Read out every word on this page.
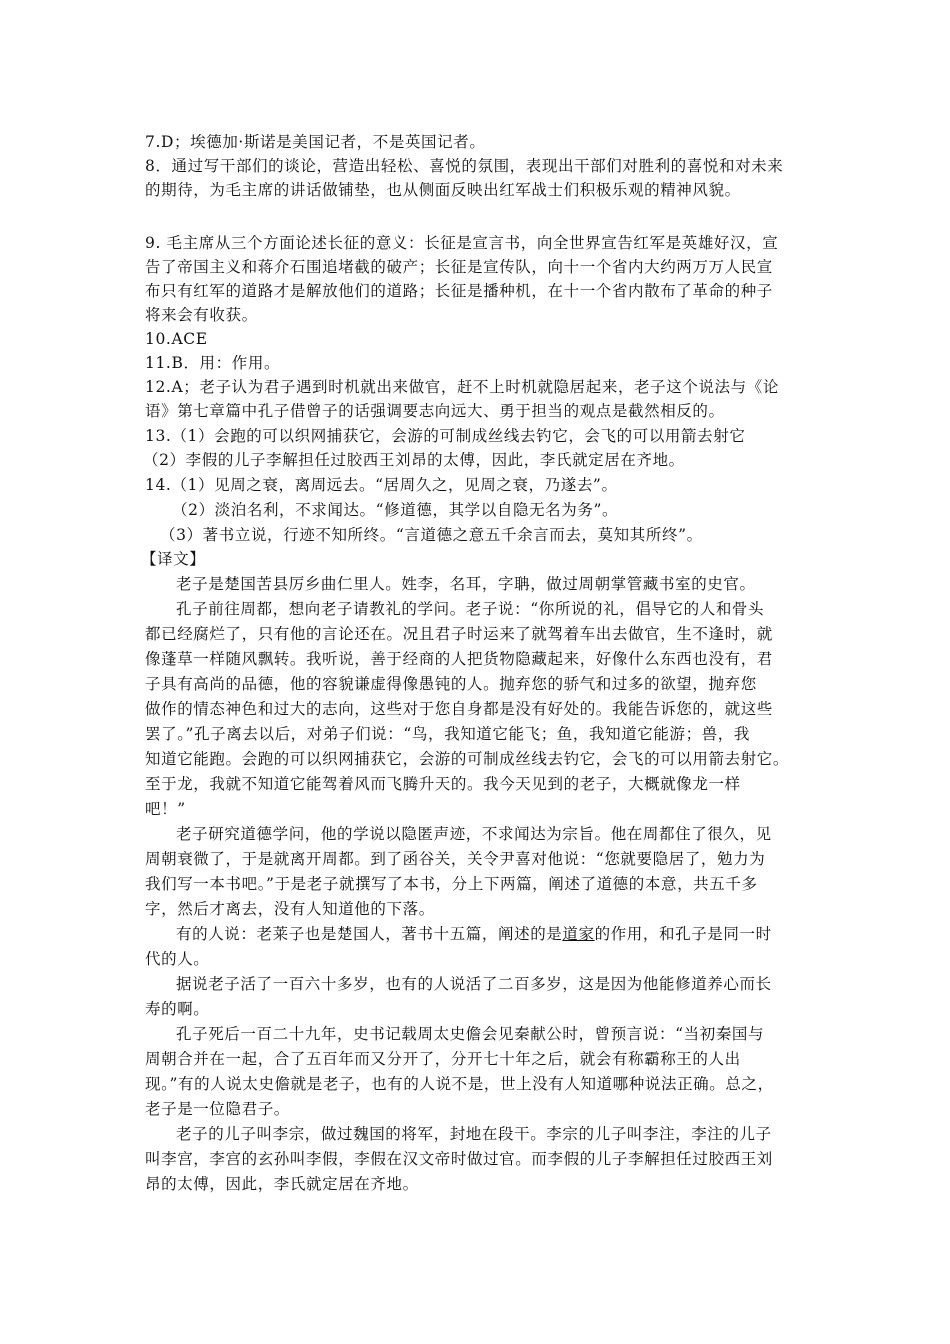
7.D；埃德加·斯诺是美国记者，不是英国记者。
8．通过写干部们的谈论，营造出轻松、喜悦的氛围，表现出干部们对胜利的喜悦和对未来
的期待，为毛主席的讲话做铺垫，也从侧面反映出红军战士们积极乐观的精神风貌。
9. 毛主席从三个方面论述长征的意义：长征是宣言书，向全世界宣告红军是英雄好汉，宣
告了帝国主义和蒋介石围追堵截的破产；长征是宣传队，向十一个省内大约两万万人民宣
布只有红军的道路才是解放他们的道路；长征是播种机，在十一个省内散布了革命的种子
将来会有收获。
10.ACE
11.B．用：作用。
12.A；老子认为君子遇到时机就出来做官，赶不上时机就隐居起来，老子这个说法与《论
语》第七章篇中孔子借曾子的话强调要志向远大、勇于担当的观点是截然相反的。
13.（1）会跑的可以织网捕获它，会游的可制成丝线去钓它，会飞的可以用箭去射它
（2）李假的儿子李解担任过胶西王刘昂的太傅，因此，李氏就定居在齐地。
14.（1）见周之衰，离周远去。“居周久之，见周之衰，乃遂去”。
（2）淡泊名利，不求闻达。“修道德，其学以自隐无名为务”。
（3）著书立说，行迹不知所终。“言道德之意五千余言而去，莫知其所终”。
【译文】
老子是楚国苦县厉乡曲仁里人。姓李，名耳，字聃，做过周朝掌管藏书室的史官。
孔子前往周都，想向老子请教礼的学问。老子说：“你所说的礼，倡导它的人和骨头
都已经腐烂了，只有他的言论还在。况且君子时运来了就驾着车出去做官，生不逢时，就
像蓬草一样随风飘转。我听说，善于经商的人把货物隐藏起来，好像什么东西也没有，君
子具有高尚的品德，他的容貌谦虚得像愚钝的人。抛弃您的骄气和过多的欲望，抛弃您
做作的情态神色和过大的志向，这些对于您自身都是没有好处的。我能告诉您的，就这些
罢了。”孔子离去以后，对弟子们说：“鸟，我知道它能飞；鱼，我知道它能游；兽，我
知道它能跑。会跑的可以织网捕获它，会游的可制成丝线去钓它，会飞的可以用箭去射它。
至于龙，我就不知道它能驾着风而飞腾升天的。我今天见到的老子，大概就像龙一样
吧！”
老子研究道德学问，他的学说以隐匿声迹，不求闻达为宗旨。他在周都住了很久，见
周朝衰微了，于是就离开周都。到了函谷关，关令尹喜对他说：“您就要隐居了，勉力为
我们写一本书吧。”于是老子就撰写了本书，分上下两篇，阐述了道德的本意，共五千多
字，然后才离去，没有人知道他的下落。
有的人说：老莱子也是楚国人，著书十五篇，阐述的是道家的作用，和孔子是同一时
代的人。
据说老子活了一百六十多岁，也有的人说活了二百多岁，这是因为他能修道养心而长
寿的啊。
孔子死后一百二十九年，史书记载周太史儋会见秦献公时，曾预言说：“当初秦国与
周朝合并在一起，合了五百年而又分开了，分开七十年之后，就会有称霸称王的人出
现。”有的人说太史儋就是老子，也有的人说不是，世上没有人知道哪种说法正确。总之，
老子是一位隐君子。
老子的儿子叫李宗，做过魏国的将军，封地在段干。李宗的儿子叫李注，李注的儿子
叫李宫，李宫的玄孙叫李假，李假在汉文帝时做过官。而李假的儿子李解担任过胶西王刘
昂的太傅，因此，李氏就定居在齐地。
